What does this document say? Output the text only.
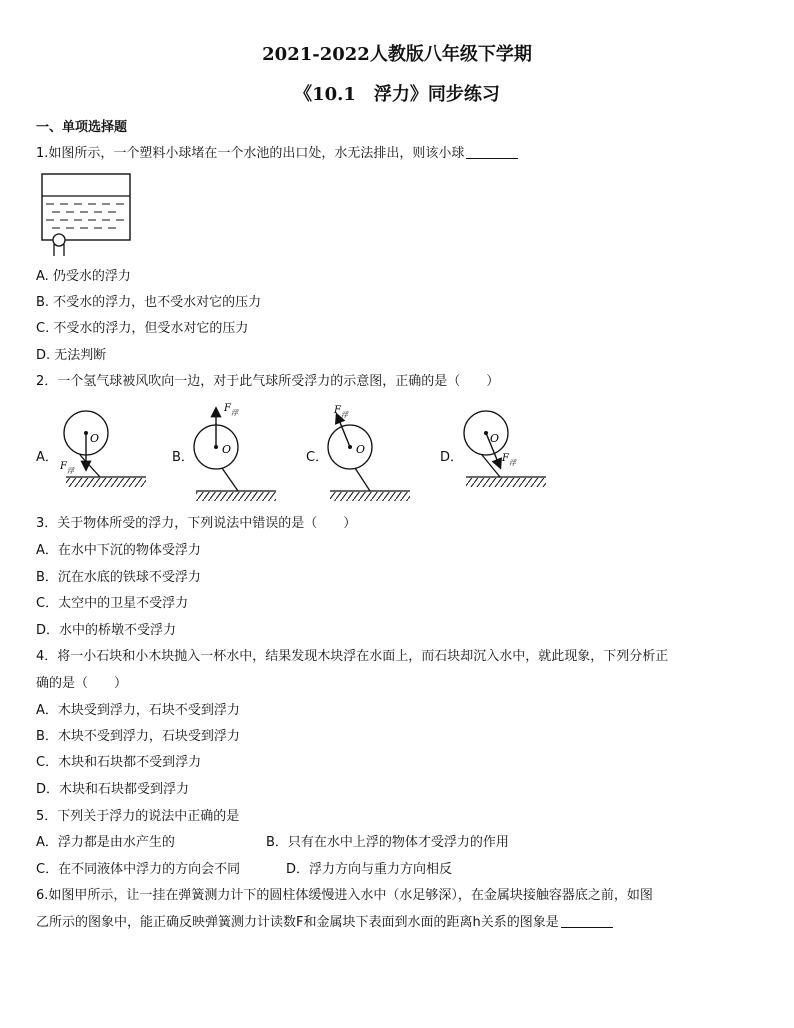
2021-2022人教版八年级下学期
《10.1　浮力》同步练习
一、单项选择题
1.如图所示，一个塑料小球堵在一个水池的出口处，水无法排出，则该小球
A. 仍受水的浮力
B. 不受水的浮力，也不受水对它的压力
C. 不受水的浮力，但受水对它的压力
D. 无法判断
2．一个氢气球被风吹向一边，对于此气球所受浮力的示意图，正确的是（　　）
A．	B．	C．	D．
O
F 浮
O
F 浮
O
F 浮
O
F 浮
3．关于物体所受的浮力，下列说法中错误的是（　　）
A．在水中下沉的物体受浮力
B．沉在水底的铁球不受浮力
C．太空中的卫星不受浮力
D．水中的桥墩不受浮力
4．将一小石块和小木块抛入一杯水中，结果发现木块浮在水面上，而石块却沉入水中，就此现象，下列分析正
确的是（　　）
A．木块受到浮力，石块不受到浮力
B．木块不受到浮力，石块受到浮力
C．木块和石块都不受到浮力
D．木块和石块都受到浮力
5．下列关于浮力的说法中正确的是
A．浮力都是由水产生的	B．只有在水中上浮的物体才受浮力的作用
C．在不同液体中浮力的方向会不同	D．浮力方向与重力方向相反
6.如图甲所示，让一挂在弹簧测力计下的圆柱体缓慢进入水中（水足够深），在金属块接触容器底之前，如图
乙所示的图象中，能正确反映弹簧测力计读数F和金属块下表面到水面的距离h关系的图象是
